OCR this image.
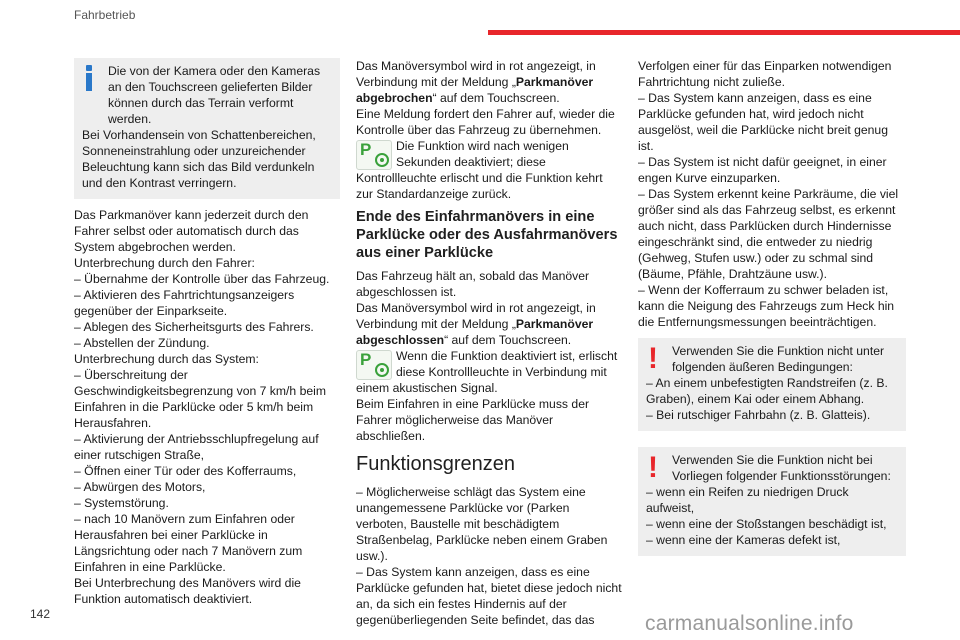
Fahrbetrieb

Die von der Kamera oder den Kameras an den Touchscreen gelieferten Bilder können durch das Terrain verformt werden.

Bei Vorhandensein von Schattenbereichen, Sonneneinstrahlung oder unzureichender Beleuchtung kann sich das Bild verdunkeln und den Kontrast verringern.

Das Parkmanöver kann jederzeit durch den Fahrer selbst oder automatisch durch das System abgebrochen werden.

Unterbrechung durch den Fahrer:

– Übernahme der Kontrolle über das Fahrzeug.

– Aktivieren des Fahrtrichtungsanzeigers gegenüber der Einparkseite.

– Ablegen des Sicherheitsgurts des Fahrers.

– Abstellen der Zündung.

Unterbrechung durch das System:

– Überschreitung der Geschwindigkeitsbegrenzung von 7 km/h beim Einfahren in die Parklücke oder 5 km/h beim Herausfahren.

– Aktivierung der Antriebsschlupfregelung auf einer rutschigen Straße,

– Öffnen einer Tür oder des Kofferraums,

– Abwürgen des Motors,

– Systemstörung.

– nach 10 Manövern zum Einfahren oder Herausfahren bei einer Parklücke in Längsrichtung oder nach 7 Manövern zum Einfahren in eine Parklücke.

Bei Unterbrechung des Manövers wird die Funktion automatisch deaktiviert.

Das Manöversymbol wird in rot angezeigt, in Verbindung mit der Meldung „Parkmanöver abgebrochen“ auf dem Touchscreen.

Eine Meldung fordert den Fahrer auf, wieder die Kontrolle über das Fahrzeug zu übernehmen.

P	Die Funktion wird nach wenigen Sekunden deaktiviert; diese Kontrollleuchte erlischt und die Funktion kehrt zur Standardanzeige zurück.

Ende des Einfahrmanövers in eine Parklücke oder des Ausfahrmanövers aus einer Parklücke

Das Fahrzeug hält an, sobald das Manöver abgeschlossen ist.

Das Manöversymbol wird in rot angezeigt, in Verbindung mit der Meldung „Parkmanöver abgeschlossen“ auf dem Touchscreen.

P	Wenn die Funktion deaktiviert ist, erlischt diese Kontrollleuchte in Verbindung mit einem akustischen Signal.

Beim Einfahren in eine Parklücke muss der Fahrer möglicherweise das Manöver abschließen.

Funktionsgrenzen

– Möglicherweise schlägt das System eine unangemessene Parklücke vor (Parken verboten, Baustelle mit beschädigtem Straßenbelag, Parklücke neben einem Graben usw.).

– Das System kann anzeigen, dass es eine Parklücke gefunden hat, bietet diese jedoch nicht an, da sich ein festes Hindernis auf der gegenüberliegenden Seite befindet, das das

Verfolgen einer für das Einparken notwendigen Fahrtrichtung nicht zuließe.

– Das System kann anzeigen, dass es eine Parklücke gefunden hat, wird jedoch nicht ausgelöst, weil die Parklücke nicht breit genug ist.

– Das System ist nicht dafür geeignet, in einer engen Kurve einzuparken.

– Das System erkennt keine Parkräume, die viel größer sind als das Fahrzeug selbst, es erkennt auch nicht, dass Parklücken durch Hindernisse eingeschränkt sind, die entweder zu niedrig (Gehweg, Stufen usw.) oder zu schmal sind (Bäume, Pfähle, Drahtzäune usw.).

– Wenn der Kofferraum zu schwer beladen ist, kann die Neigung des Fahrzeugs zum Heck hin die Entfernungsmessungen beeinträchtigen.

! Verwenden Sie die Funktion nicht unter folgenden äußeren Bedingungen:

– An einem unbefestigten Randstreifen (z. B. Graben), einem Kai oder einem Abhang.

– Bei rutschiger Fahrbahn (z. B. Glatteis).

! Verwenden Sie die Funktion nicht bei Vorliegen folgender Funktionsstörungen:

– wenn ein Reifen zu niedrigen Druck aufweist,

– wenn eine der Stoßstangen beschädigt ist,

– wenn eine der Kameras defekt ist,

142	carmanualsonline.info
